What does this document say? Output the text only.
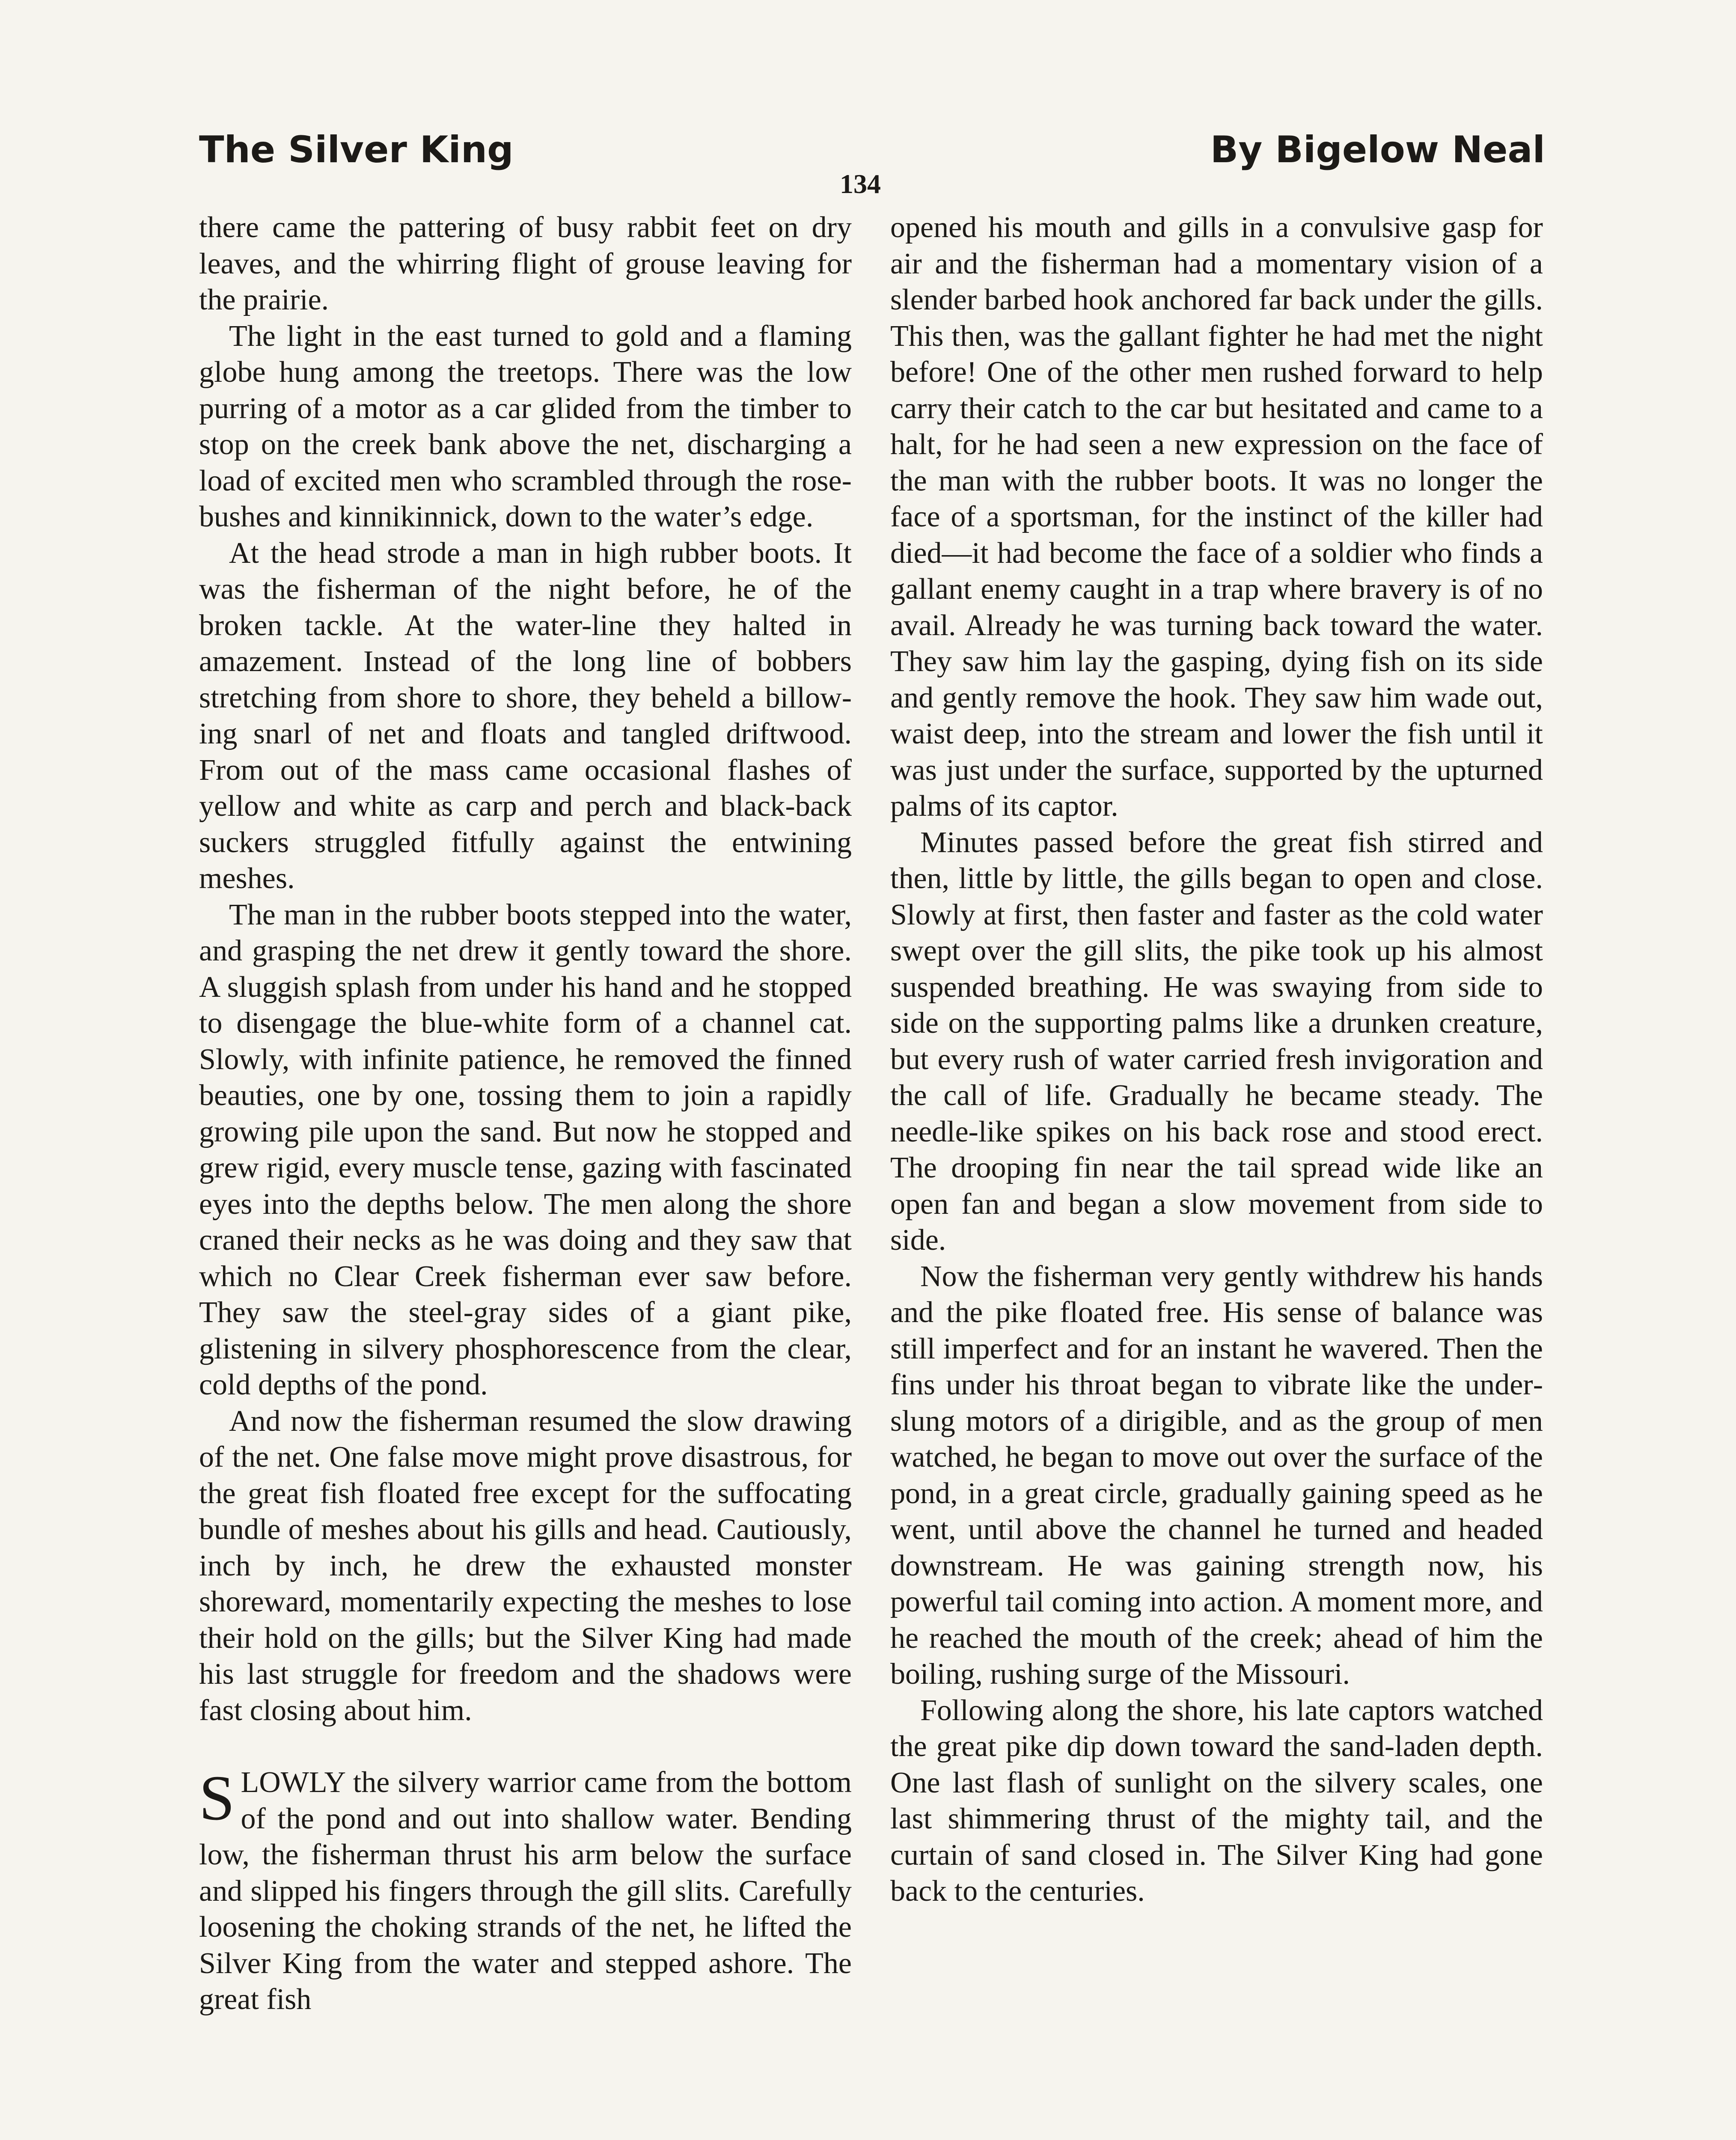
The Silver King	By Bigelow Neal
134

there came the pattering of busy rabbit feet on dry leaves, and the whirring flight of grouse leaving for the prairie.

The light in the east turned to gold and a flaming globe hung among the treetops. There was the low purring of a motor as a car glided from the timber to stop on the creek bank above the net, discharging a load of excited men who scrambled through the rose-bushes and kinnikinnick, down to the water’s edge.

At the head strode a man in high rubber boots. It was the fisherman of the night before, he of the broken tackle. At the water-line they halted in amazement. Instead of the long line of bobbers stretching from shore to shore, they beheld a billowing snarl of net and floats and tangled driftwood. From out of the mass came occasional flashes of yellow and white as carp and perch and black-back suckers struggled fitfully against the entwining meshes.

The man in the rubber boots stepped into the water, and grasping the net drew it gently toward the shore. A sluggish splash from under his hand and he stopped to disengage the blue-white form of a channel cat. Slowly, with infinite patience, he removed the finned beauties, one by one, tossing them to join a rapidly growing pile upon the sand. But now he stopped and grew rigid, every muscle tense, gazing with fascinated eyes into the depths below. The men along the shore craned their necks as he was doing and they saw that which no Clear Creek fisherman ever saw before. They saw the steel-gray sides of a giant pike, glistening in silvery phosphorescence from the clear, cold depths of the pond.

And now the fisherman resumed the slow drawing of the net. One false move might prove disastrous, for the great fish floated free except for the suffocating bundle of meshes about his gills and head. Cautiously, inch by inch, he drew the exhausted monster shoreward, momentarily expecting the meshes to lose their hold on the gills; but the Silver King had made his last struggle for freedom and the shadows were fast closing about him.

SLOWLY the silvery warrior came from the bottom of the pond and out into shallow water. Bending low, the fisherman thrust his arm below the surface and slipped his fingers through the gill slits. Carefully loosening the choking strands of the net, he lifted the Silver King from the water and stepped ashore. The great fish

opened his mouth and gills in a convulsive gasp for air and the fisherman had a momentary vision of a slender barbed hook anchored far back under the gills. This then, was the gallant fighter he had met the night before! One of the other men rushed forward to help carry their catch to the car but hesitated and came to a halt, for he had seen a new expression on the face of the man with the rubber boots. It was no longer the face of a sportsman, for the instinct of the killer had died—it had become the face of a soldier who finds a gallant enemy caught in a trap where bravery is of no avail. Already he was turning back toward the water. They saw him lay the gasping, dying fish on its side and gently remove the hook. They saw him wade out, waist deep, into the stream and lower the fish until it was just under the surface, supported by the upturned palms of its captor.

Minutes passed before the great fish stirred and then, little by little, the gills began to open and close. Slowly at first, then faster and faster as the cold water swept over the gill slits, the pike took up his almost suspended breathing. He was swaying from side to side on the supporting palms like a drunken creature, but every rush of water carried fresh invigoration and the call of life. Gradually he became steady. The needle-like spikes on his back rose and stood erect. The drooping fin near the tail spread wide like an open fan and began a slow movement from side to side.

Now the fisherman very gently withdrew his hands and the pike floated free. His sense of balance was still imperfect and for an instant he wavered. Then the fins under his throat began to vibrate like the underslung motors of a dirigible, and as the group of men watched, he began to move out over the surface of the pond, in a great circle, gradually gaining speed as he went, until above the channel he turned and headed downstream. He was gaining strength now, his powerful tail coming into action. A moment more, and he reached the mouth of the creek; ahead of him the boiling, rushing surge of the Missouri.

Following along the shore, his late captors watched the great pike dip down toward the sand-laden depth. One last flash of sunlight on the silvery scales, one last shimmering thrust of the mighty tail, and the curtain of sand closed in. The Silver King had gone back to the centuries.
